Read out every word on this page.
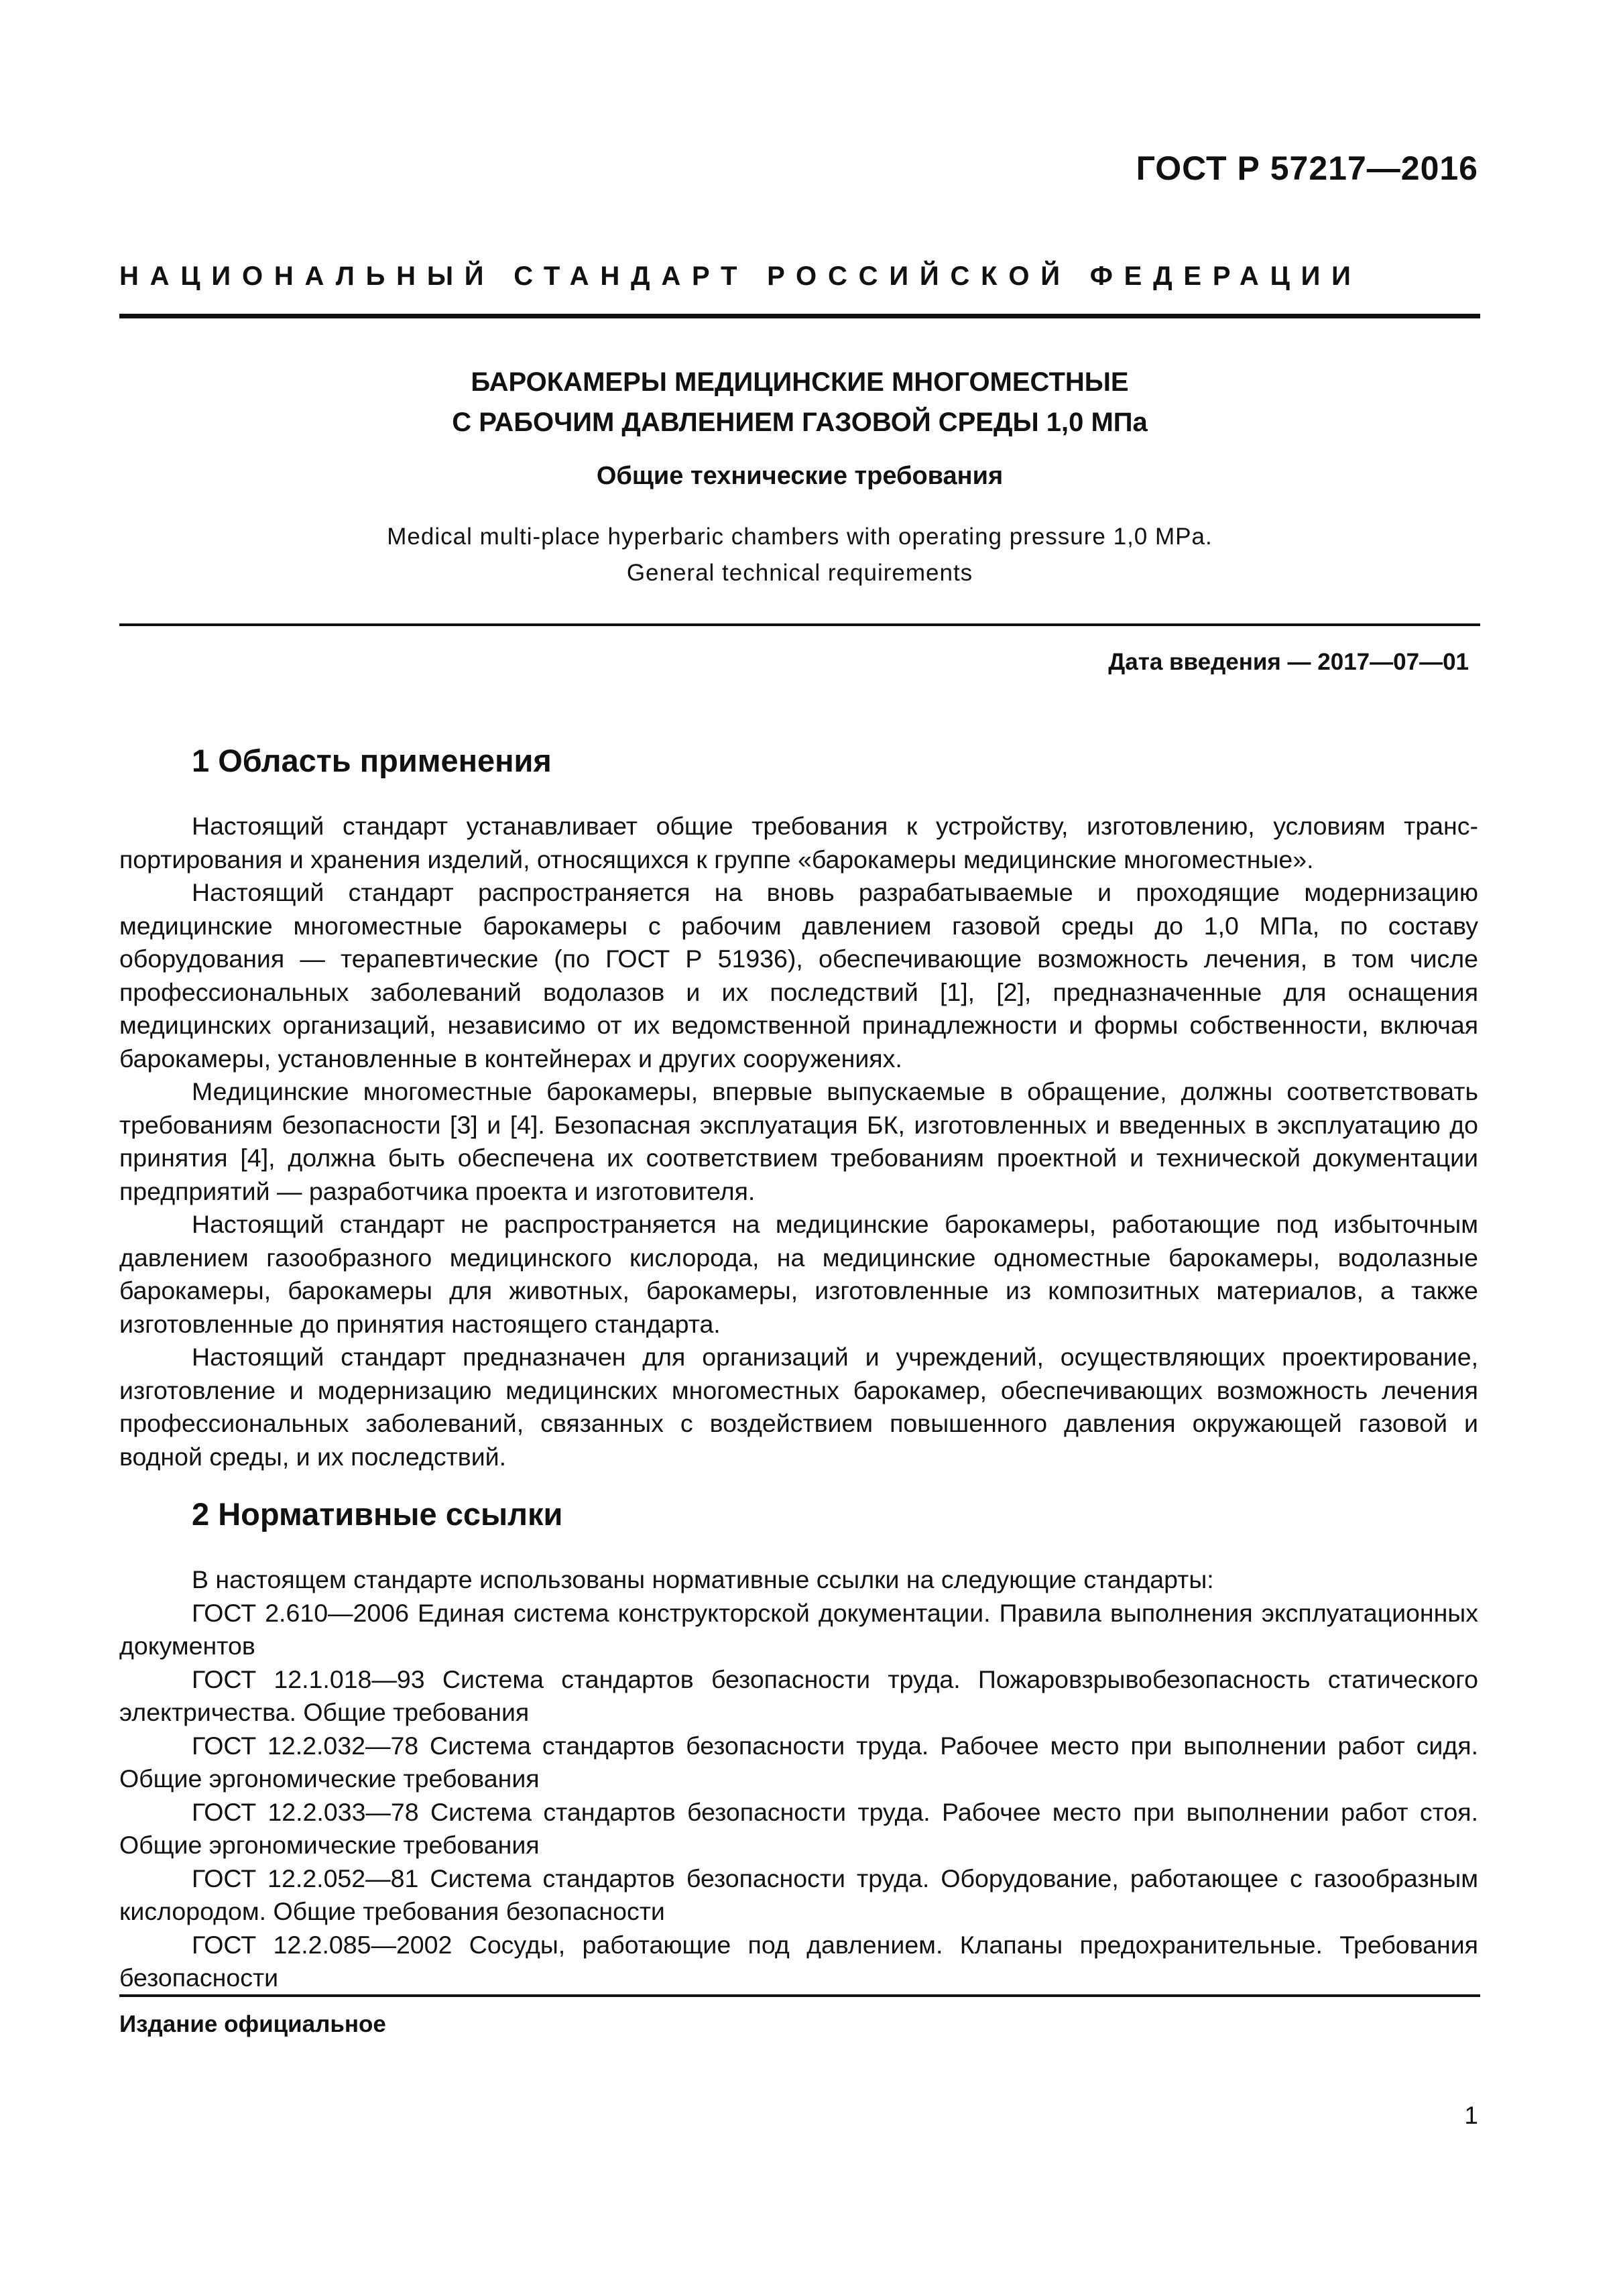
ГОСТ Р 57217—2016
НАЦИОНАЛЬНЫЙ СТАНДАРТ РОССИЙСКОЙ ФЕДЕРАЦИИ
БАРОКАМЕРЫ МЕДИЦИНСКИЕ МНОГОМЕСТНЫЕ
С РАБОЧИМ ДАВЛЕНИЕМ ГАЗОВОЙ СРЕДЫ 1,0 МПа
Общие технические требования
Medical multi-place hyperbaric chambers with operating pressure 1,0 MPa.
General technical requirements
Дата введения — 2017—07—01
1 Область применения

Настоящий стандарт устанавливает общие требования к устройству, изготовлению, условиям транспортирования и хранения изделий, относящихся к группе «барокамеры медицинские многоместные».

Настоящий стандарт распространяется на вновь разрабатываемые и проходящие модернизацию медицинские многоместные барокамеры с рабочим давлением газовой среды до 1,0 МПа, по составу оборудования — терапевтические (по ГОСТ Р 51936), обеспечивающие возможность лечения, в том числе профессиональных заболеваний водолазов и их последствий [1], [2], предназначенные для оснащения медицинских организаций, независимо от их ведомственной принадлежности и формы собственности, включая барокамеры, установленные в контейнерах и других сооружениях.

Медицинские многоместные барокамеры, впервые выпускаемые в обращение, должны соответствовать требованиям безопасности [3] и [4]. Безопасная эксплуатация БК, изготовленных и введенных в эксплуатацию до принятия [4], должна быть обеспечена их соответствием требованиям проектной и технической документации предприятий — разработчика проекта и изготовителя.

Настоящий стандарт не распространяется на медицинские барокамеры, работающие под избыточным давлением газообразного медицинского кислорода, на медицинские одноместные барокамеры, водолазные барокамеры, барокамеры для животных, барокамеры, изготовленные из композитных материалов, а также изготовленные до принятия настоящего стандарта.

Настоящий стандарт предназначен для организаций и учреждений, осуществляющих проектирование, изготовление и модернизацию медицинских многоместных барокамер, обеспечивающих возможность лечения профессиональных заболеваний, связанных с воздействием повышенного давления окружающей газовой и водной среды, и их последствий.

2 Нормативные ссылки

В настоящем стандарте использованы нормативные ссылки на следующие стандарты:

ГОСТ 2.610—2006 Единая система конструкторской документации. Правила выполнения эксплуатационных документов

ГОСТ 12.1.018—93 Система стандартов безопасности труда. Пожаровзрывобезопасность статического электричества. Общие требования

ГОСТ 12.2.032—78 Система стандартов безопасности труда. Рабочее место при выполнении работ сидя. Общие эргономические требования

ГОСТ 12.2.033—78 Система стандартов безопасности труда. Рабочее место при выполнении работ стоя. Общие эргономические требования

ГОСТ 12.2.052—81 Система стандартов безопасности труда. Оборудование, работающее с газообразным кислородом. Общие требования безопасности

ГОСТ 12.2.085—2002 Сосуды, работающие под давлением. Клапаны предохранительные. Требования безопасности

Издание официальное
1
